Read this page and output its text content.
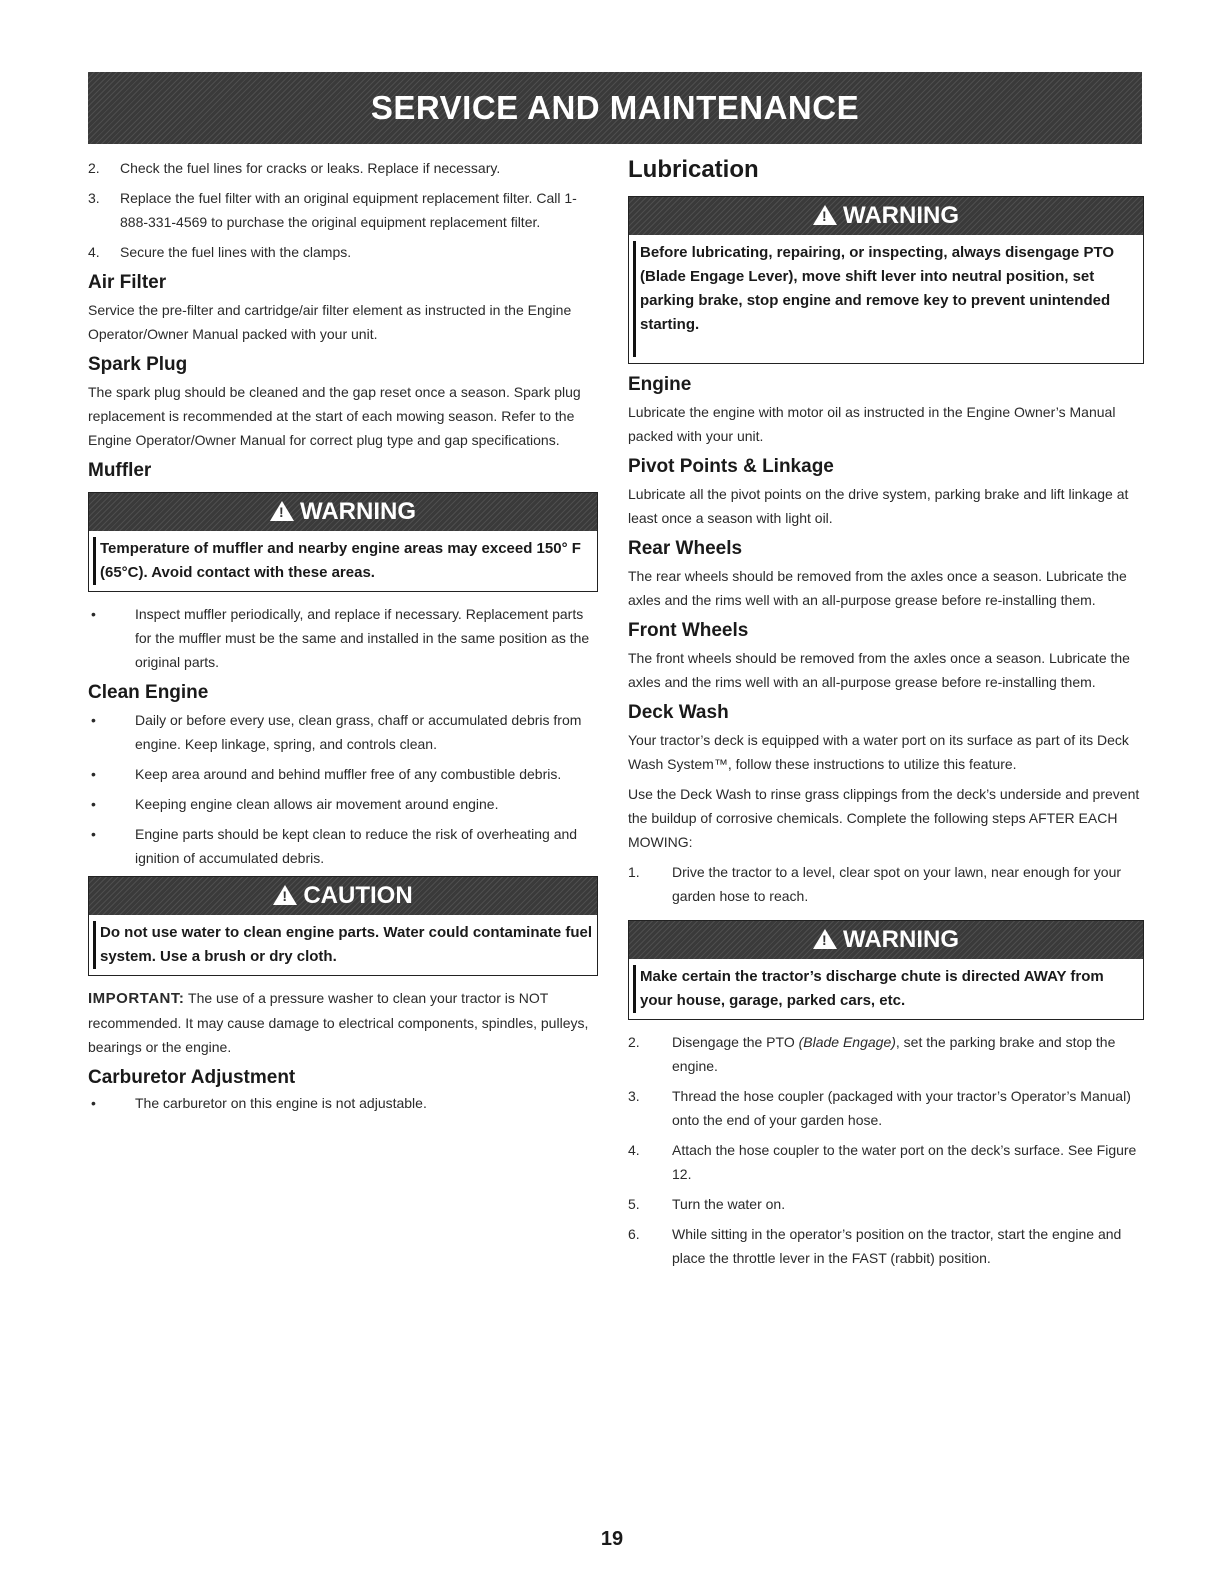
SERVICE AND MAINTENANCE
2.	Check the fuel lines for cracks or leaks. Replace if necessary.
3.	Replace the fuel filter with an original equipment replacement filter. Call 1-888-331-4569 to purchase the original equipment replacement filter.
4.	Secure the fuel lines with the clamps.
Air Filter

Service the pre-filter and cartridge/air filter element as instructed in the Engine Operator/Owner Manual packed with your unit.

Spark Plug

The spark plug should be cleaned and the gap reset once a season. Spark plug replacement is recommended at the start of each mowing season. Refer to the Engine Operator/Owner Manual for correct plug type and gap specifications.

Muffler
!
WARNING
Temperature of muffler and nearby engine areas may exceed 150° F (65°C). Avoid contact with these areas.
•	Inspect muffler periodically, and replace if necessary. Replacement parts for the muffler must be the same and installed in the same position as the original parts.
Clean Engine
•	Daily or before every use, clean grass, chaff or accumulated debris from engine. Keep linkage, spring, and controls clean.
•	Keep area around and behind muffler free of any combustible debris.
•	Keeping engine clean allows air movement around engine.
•	Engine parts should be kept clean to reduce the risk of overheating and ignition of accumulated debris.
!
CAUTION
Do not use water to clean engine parts. Water could contaminate fuel system. Use a brush or dry cloth.

IMPORTANT: The use of a pressure washer to clean your tractor is NOT recommended. It may cause damage to electrical components, spindles, pulleys, bearings or the engine.

Carburetor Adjustment
•	The carburetor on this engine is not adjustable.
Lubrication
!
WARNING
Before lubricating, repairing, or inspecting, always disengage PTO (Blade Engage Lever), move shift lever into neutral position, set parking brake, stop engine and remove key to prevent unintended starting.
Engine

Lubricate the engine with motor oil as instructed in the Engine Owner’s Manual packed with your unit.

Pivot Points & Linkage

Lubricate all the pivot points on the drive system, parking brake and lift linkage at least once a season with light oil.

Rear Wheels

The rear wheels should be removed from the axles once a season. Lubricate the axles and the rims well with an all-purpose grease before re-installing them.

Front Wheels

The front wheels should be removed from the axles once a season. Lubricate the axles and the rims well with an all-purpose grease before re-installing them.

Deck Wash

Your tractor’s deck is equipped with a water port on its surface as part of its Deck Wash System™, follow these instructions to utilize this feature.

Use the Deck Wash to rinse grass clippings from the deck’s underside and prevent the buildup of corrosive chemicals. Complete the following steps AFTER EACH MOWING:

1.	Drive the tractor to a level, clear spot on your lawn, near enough for your garden hose to reach.
!
WARNING
Make certain the tractor’s discharge chute is directed AWAY from your house, garage, parked cars, etc.
2.	Disengage the PTO (Blade Engage), set the parking brake and stop the engine.
3.	Thread the hose coupler (packaged with your tractor’s Operator’s Manual) onto the end of your garden hose.
4.	Attach the hose coupler to the water port on the deck’s surface. See Figure 12.
5.	Turn the water on.
6.	While sitting in the operator’s position on the tractor, start the engine and place the throttle lever in the FAST (rabbit) position.
19
